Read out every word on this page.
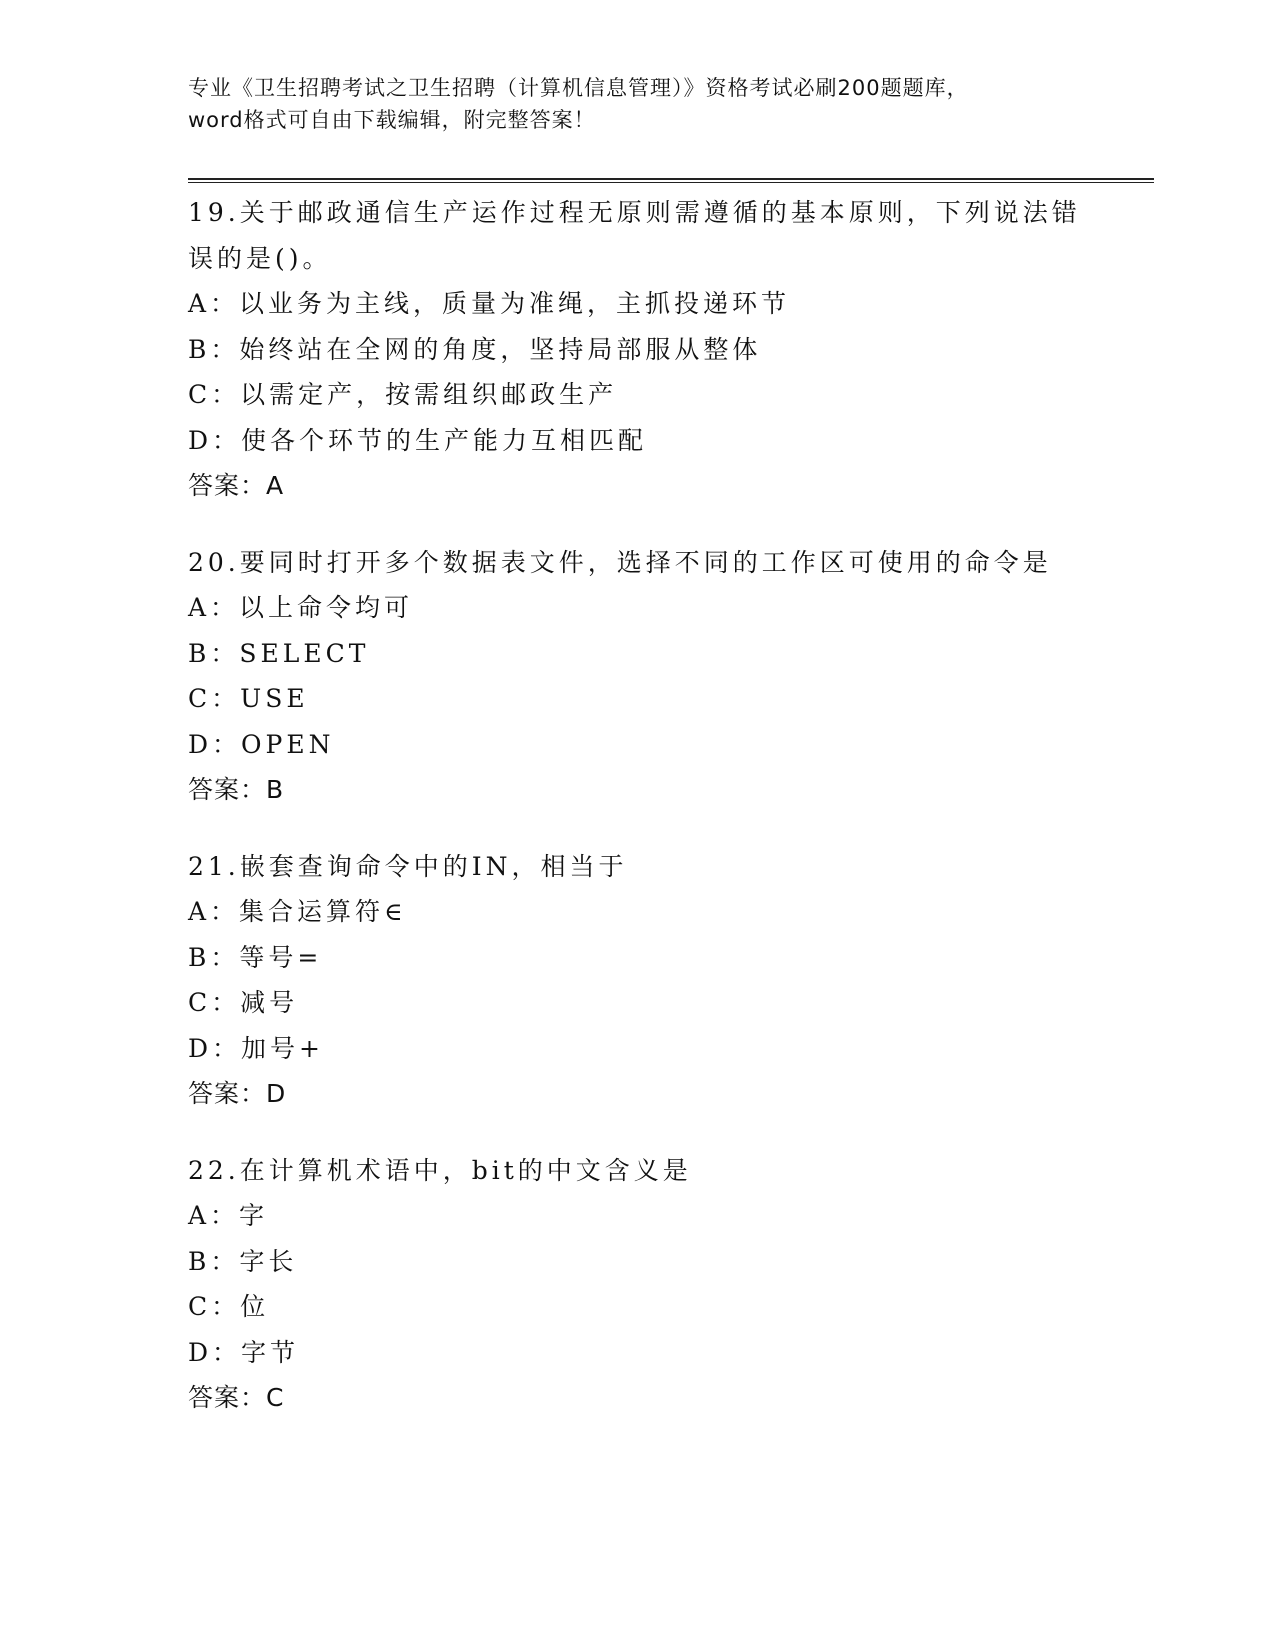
专业《卫生招聘考试之卫生招聘（计算机信息管理）》资格考试必刷200题题库，
word格式可自由下载编辑，附完整答案！
19.关于邮政通信生产运作过程无原则需遵循的基本原则，下列说法错
误的是()。
A：以业务为主线，质量为准绳，主抓投递环节
B：始终站在全网的角度，坚持局部服从整体
C：以需定产，按需组织邮政生产
D：使各个环节的生产能力互相匹配
答案：A
20.要同时打开多个数据表文件，选择不同的工作区可使用的命令是
A：以上命令均可
B：SELECT
C：USE
D：OPEN
答案：B
21.嵌套查询命令中的IN，相当于
A：集合运算符∈
B：等号=
C：减号
D：加号+
答案：D
22.在计算机术语中，bit的中文含义是
A：字
B：字长
C：位
D：字节
答案：C
